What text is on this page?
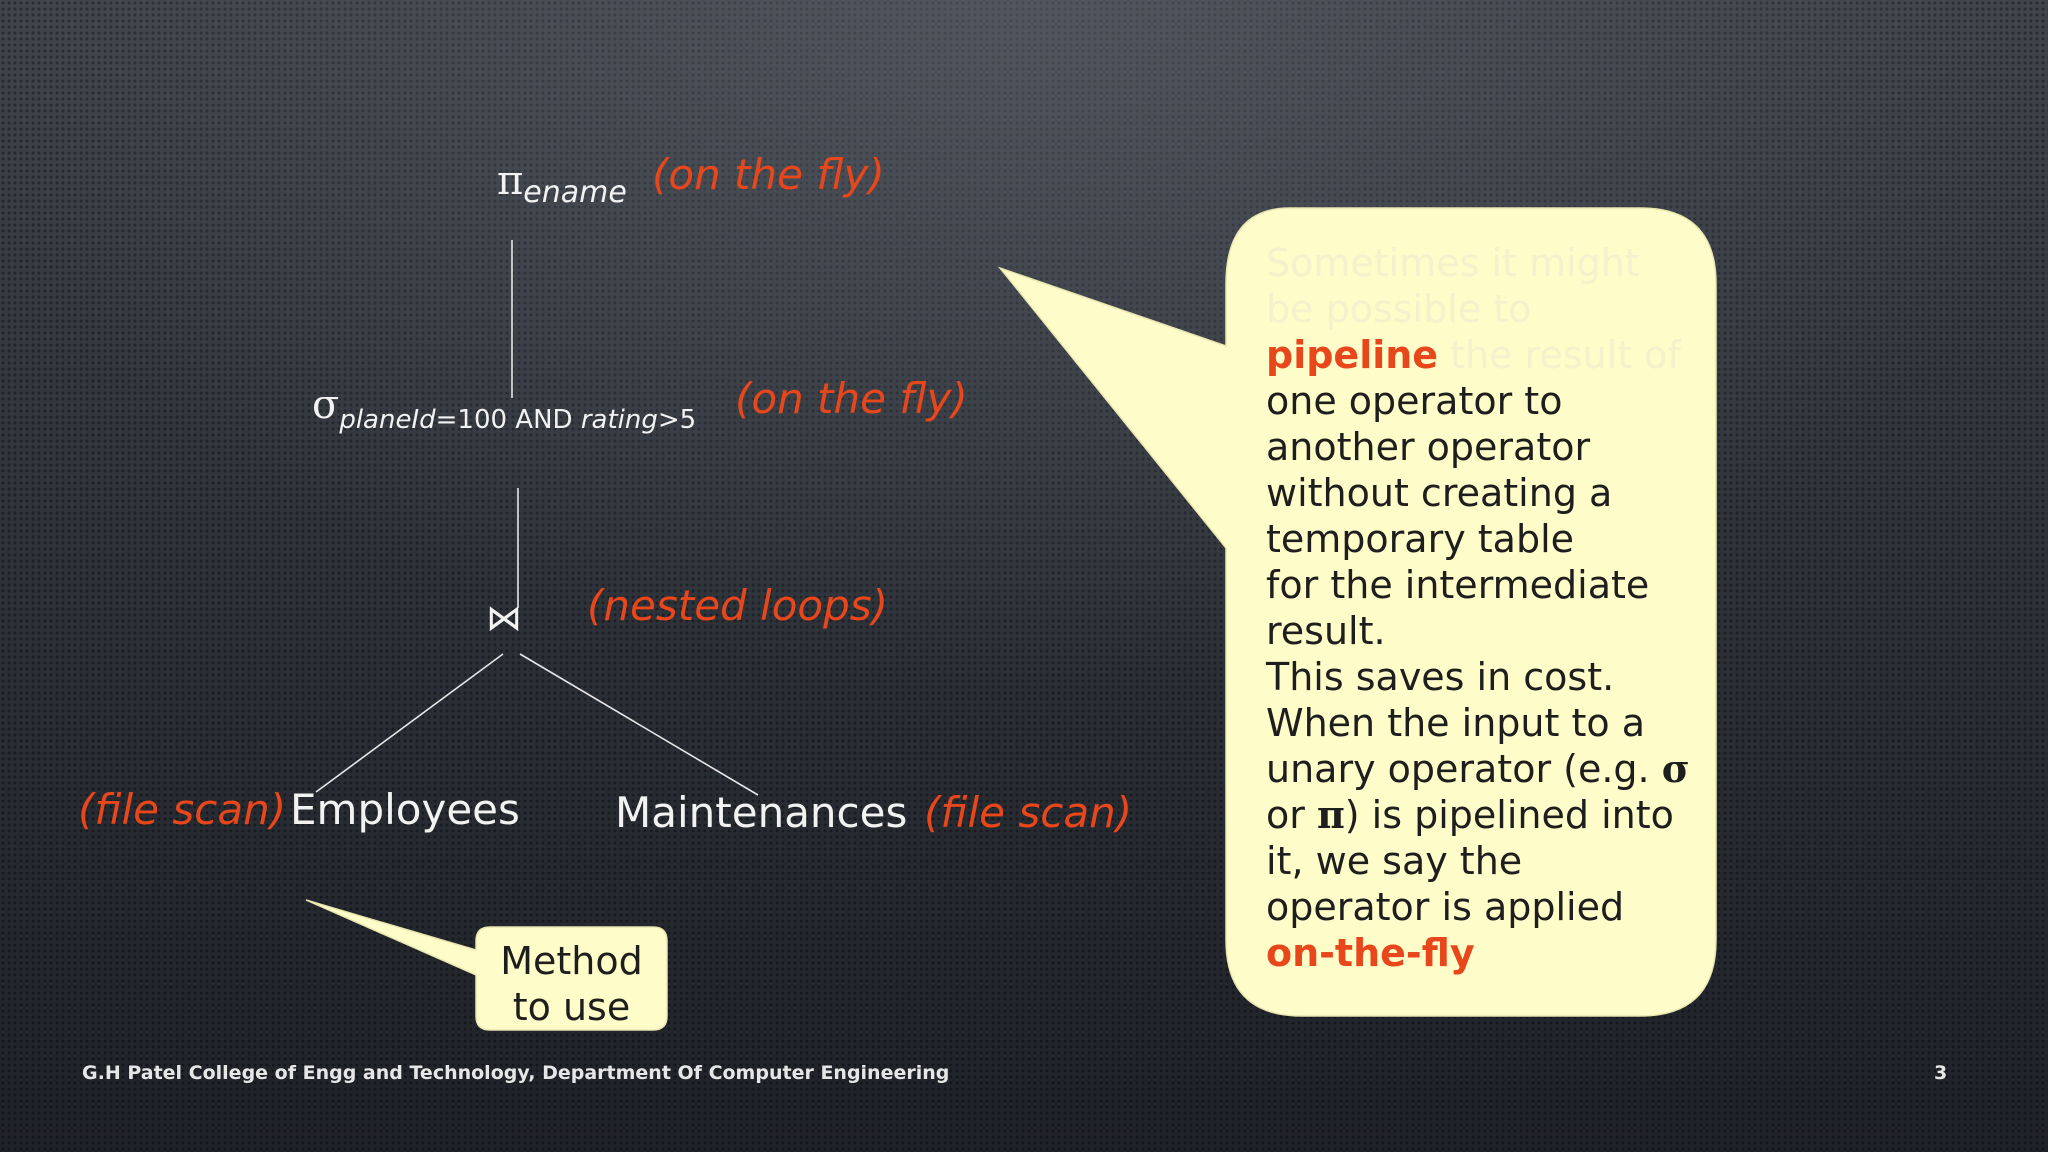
πename (on the fly)
σplaneId=100 AND rating>5 (on the fly)
⋈ (nested loops)
(file scan) Employees Maintenances (file scan)
Method
to use
Sometimes it might
be possible to
pipeline the result of
one operator to
another operator
without creating a
temporary table
for the intermediate
result.
This saves in cost.
When the input to a
unary operator (e.g. σ
or π) is pipelined into
it, we say the
operator is applied
on-the-fly
G.H Patel College of Engg and Technology, Department Of Computer Engineering	3
